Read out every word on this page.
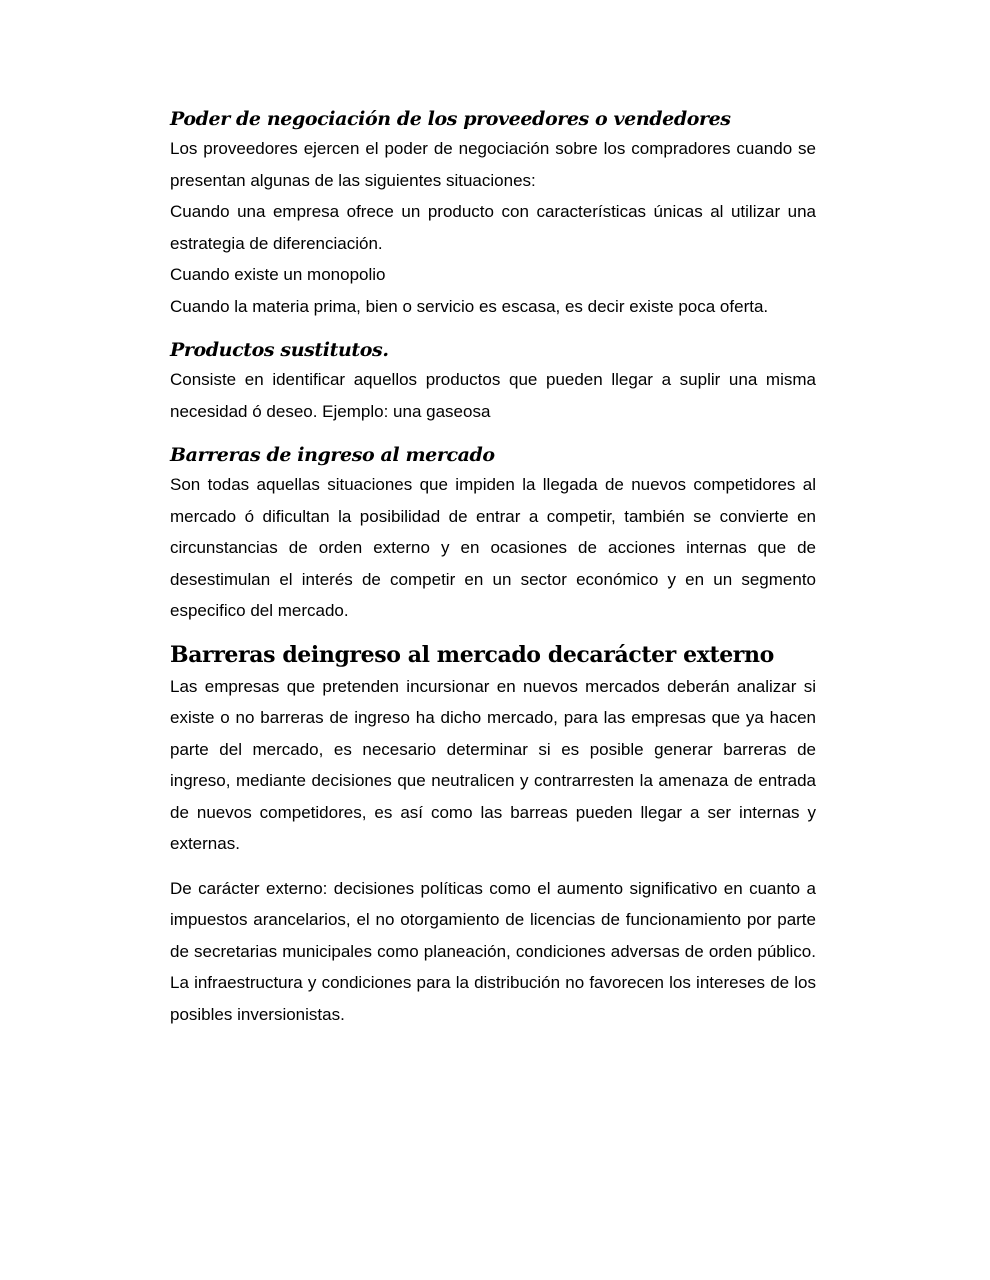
Poder de negociación de los proveedores o vendedores

Los proveedores ejercen el poder de negociación sobre los compradores cuando se presentan algunas de las siguientes situaciones:

Cuando una empresa ofrece un producto con características únicas al utilizar una estrategia de diferenciación.

Cuando existe un monopolio

Cuando la materia prima, bien o servicio es escasa, es decir existe poca oferta.

Productos sustitutos.

Consiste en identificar aquellos productos que pueden llegar a suplir una misma necesidad ó deseo. Ejemplo: una gaseosa

Barreras de ingreso al mercado

Son todas aquellas situaciones que impiden la llegada de nuevos competidores al mercado ó dificultan la posibilidad de entrar a competir, también se convierte en circunstancias de orden externo y en ocasiones de acciones internas que de desestimulan el interés de competir en un sector económico y en un segmento especifico del mercado.

Barreras deingreso al mercado decarácter externo

Las empresas que pretenden incursionar en nuevos mercados deberán analizar si existe o no barreras de ingreso ha dicho mercado, para las empresas que ya hacen parte del mercado, es necesario determinar si es posible generar barreras de ingreso, mediante decisiones que neutralicen y contrarresten la amenaza de entrada de nuevos competidores, es así como las barreas pueden llegar a ser internas y externas.

De carácter externo: decisiones políticas como el aumento significativo en cuanto a impuestos arancelarios, el no otorgamiento de licencias de funcionamiento por parte de secretarias municipales como planeación, condiciones adversas de orden público. La infraestructura y condiciones para la distribución no favorecen los intereses de los posibles inversionistas.
